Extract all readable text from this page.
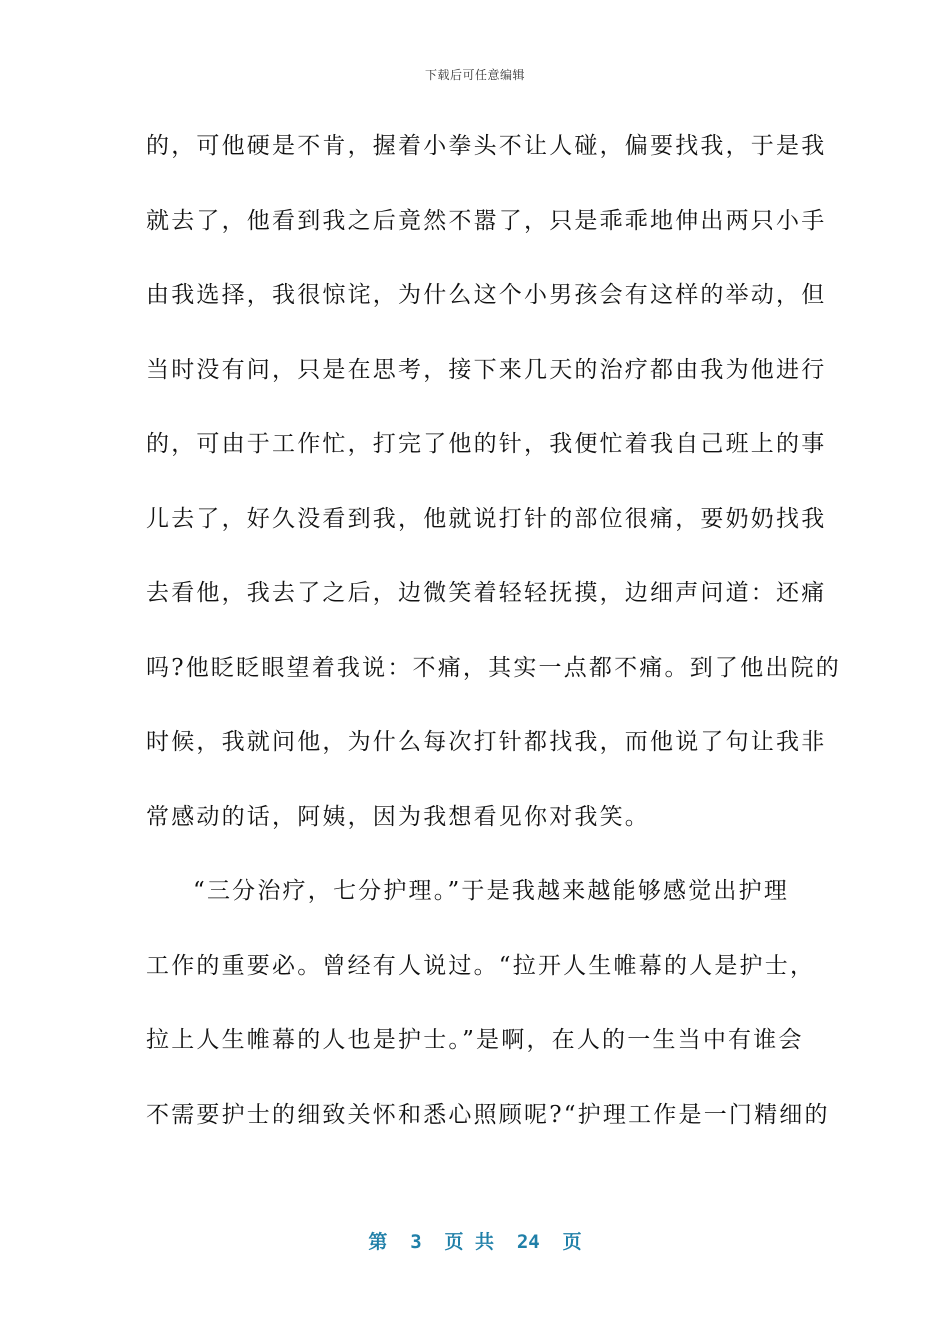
下载后可任意编辑
的，可他硬是不肯，握着小拳头不让人碰，偏要找我，于是我
就去了，他看到我之后竟然不嚣了，只是乖乖地伸出两只小手
由我选择，我很惊诧，为什么这个小男孩会有这样的举动，但
当时没有问，只是在思考，接下来几天的治疗都由我为他进行
的，可由于工作忙，打完了他的针，我便忙着我自己班上的事
儿去了，好久没看到我，他就说打针的部位很痛，要奶奶找我
去看他，我去了之后，边微笑着轻轻抚摸，边细声问道：还痛
吗?他眨眨眼望着我说：不痛，其实一点都不痛。到了他出院的
时候，我就问他，为什么每次打针都找我，而他说了句让我非
常感动的话，阿姨，因为我想看见你对我笑。
“三分治疗，七分护理。”于是我越来越能够感觉出护理
工作的重要必。曾经有人说过。“拉开人生帷幕的人是护士，
拉上人生帷幕的人也是护士。”是啊，在人的一生当中有谁会
不需要护士的细致关怀和悉心照顾呢?“护理工作是一门精细的
第  3  页 共  24  页
